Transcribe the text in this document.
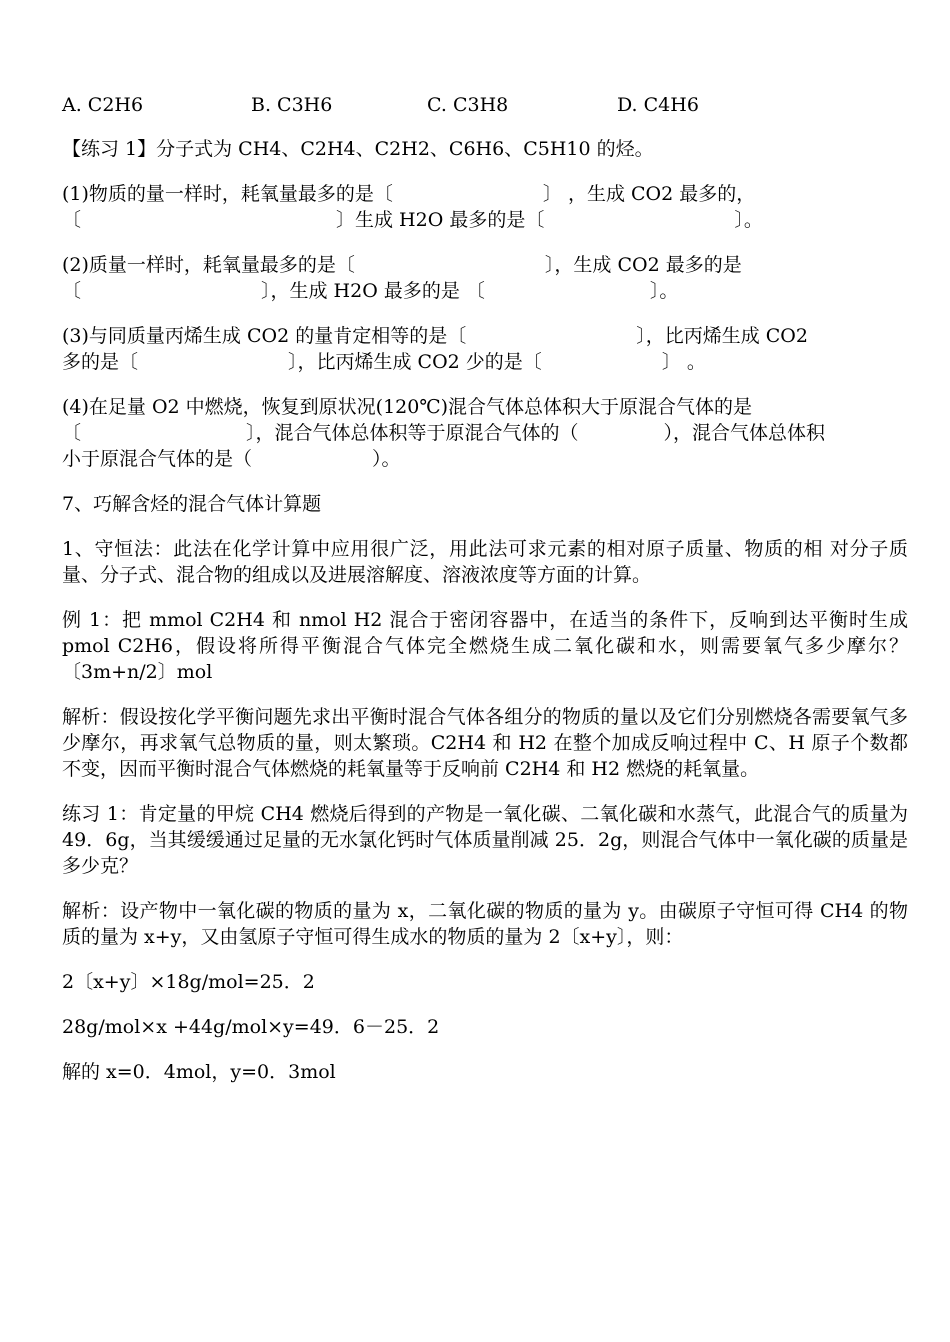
A. C2H6	B. C3H6	C. C3H8	D. C4H6

【练习 1】分子式为 CH4、C2H4、C2H2、C6H6、C5H10 的烃。

(1)物质的量一样时，耗氧量最多的是〔	〕 ，生成 CO2 最多的，
〔	〕生成 H2O 最多的是〔	〕。

(2)质量一样时，耗氧量最多的是〔	〕，生成 CO2 最多的是
〔	〕，生成 H2O 最多的是 〔	〕。

(3)与同质量丙烯生成 CO2 的量肯定相等的是〔	〕，比丙烯生成 CO2
多的是〔	〕，比丙烯生成 CO2 少的是〔	〕 。

(4)在足量 O2 中燃烧，恢复到原状况(120℃)混合气体总体积大于原混合气体的是
〔	〕，混合气体总体积等于原混合气体的（	），混合气体总体积
小于原混合气体的是（	）。

7、巧解含烃的混合气体计算题

1、守恒法：此法在化学计算中应用很广泛，用此法可求元素的相对原子质量、物质的相 对分子质量、分子式、混合物的组成以及进展溶解度、溶液浓度等方面的计算。

例 1：把 mmol C2H4 和 nmol H2 混合于密闭容器中，在适当的条件下，反响到达平衡时生成 pmol C2H6，假设将所得平衡混合气体完全燃烧生成二氧化碳和水，则需要氧气多少摩尔？〔3m+n/2〕mol

解析：假设按化学平衡问题先求出平衡时混合气体各组分的物质的量以及它们分别燃烧各需要氧气多少摩尔，再求氧气总物质的量，则太繁琐。C2H4 和 H2 在整个加成反响过程中 C、H 原子个数都不变，因而平衡时混合气体燃烧的耗氧量等于反响前 C2H4 和 H2 燃烧的耗氧量。

练习 1：肯定量的甲烷 CH4 燃烧后得到的产物是一氧化碳、二氧化碳和水蒸气，此混合气的质量为 49．6g，当其缓缓通过足量的无水氯化钙时气体质量削减 25．2g，则混合气体中一氧化碳的质量是多少克？

解析：设产物中一氧化碳的物质的量为 x，二氧化碳的物质的量为 y。由碳原子守恒可得 CH4 的物质的量为 x+y，又由氢原子守恒可得生成水的物质的量为 2〔x+y〕，则：

2〔x+y〕×18g/mol=25．2

28g/mol×x +44g/mol×y=49．6－25．2

解的 x=0．4mol，y=0．3mol
